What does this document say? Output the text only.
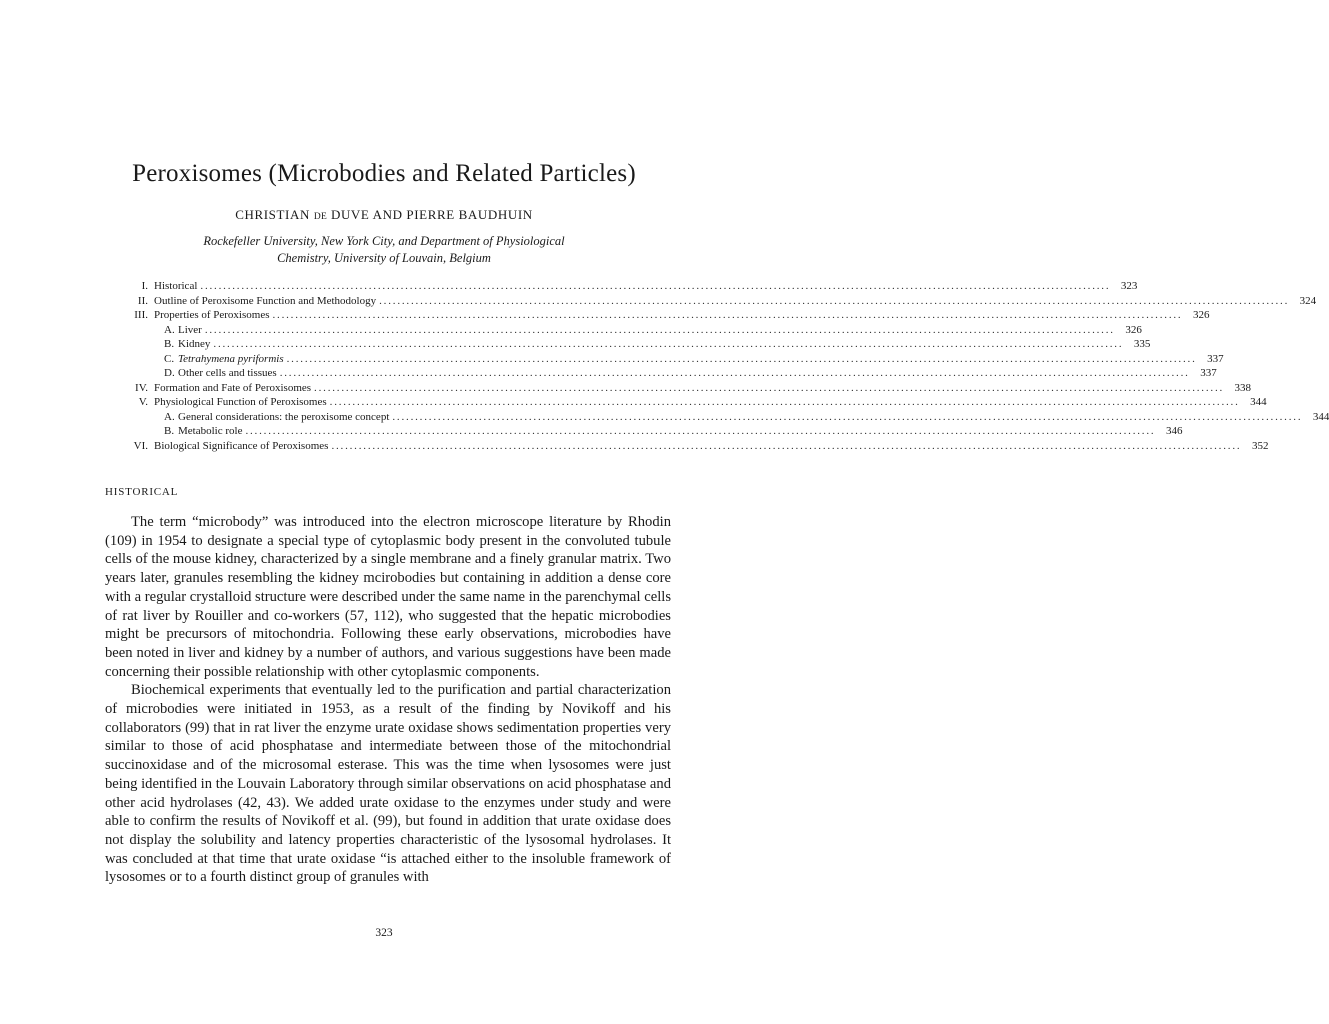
Peroxisomes (Microbodies and Related Particles)
CHRISTIAN DE DUVE AND PIERRE BAUDHUIN
Rockefeller University, New York City, and Department of Physiological
Chemistry, University of Louvain, Belgium
I. Historical ........................................................................................................................................................................................................ 323
II. Outline of Peroxisome Function and Methodology ........................................................................................................................................................................................................ 324
III. Properties of Peroxisomes ........................................................................................................................................................................................................ 326
A. Liver ........................................................................................................................................................................................................ 326
B. Kidney ........................................................................................................................................................................................................ 335
C. Tetrahymena pyriformis ........................................................................................................................................................................................................ 337
D. Other cells and tissues ........................................................................................................................................................................................................ 337
IV. Formation and Fate of Peroxisomes ........................................................................................................................................................................................................ 338
V. Physiological Function of Peroxisomes ........................................................................................................................................................................................................ 344
A. General considerations: the peroxisome concept ........................................................................................................................................................................................................ 344
B. Metabolic role ........................................................................................................................................................................................................ 346
VI. Biological Significance of Peroxisomes ........................................................................................................................................................................................................ 352
HISTORICAL

The term “microbody” was introduced into the electron microscope literature by Rhodin (109) in 1954 to designate a special type of cytoplasmic body present in the convoluted tubule cells of the mouse kidney, characterized by a single membrane and a finely granular matrix. Two years later, granules resembling the kidney mcirobodies but containing in addition a dense core with a regular crystalloid structure were described under the same name in the parenchymal cells of rat liver by Rouiller and co-workers (57, 112), who suggested that the hepatic microbodies might be precursors of mitochondria. Following these early observations, microbodies have been noted in liver and kidney by a number of authors, and various suggestions have been made concerning their possible relationship with other cytoplasmic components.

Biochemical experiments that eventually led to the purification and partial characterization of microbodies were initiated in 1953, as a result of the finding by Novikoff and his collaborators (99) that in rat liver the enzyme urate oxidase shows sedimentation properties very similar to those of acid phosphatase and intermediate between those of the mitochondrial succinoxidase and of the microsomal esterase. This was the time when lysosomes were just being identified in the Louvain Laboratory through similar observations on acid phosphatase and other acid hydrolases (42, 43). We added urate oxidase to the enzymes under study and were able to confirm the results of Novikoff et al. (99), but found in addition that urate oxidase does not display the solubility and latency properties characteristic of the lysosomal hydrolases. It was concluded at that time that urate oxidase “is attached either to the insoluble framework of lysosomes or to a fourth distinct group of granules with

323
